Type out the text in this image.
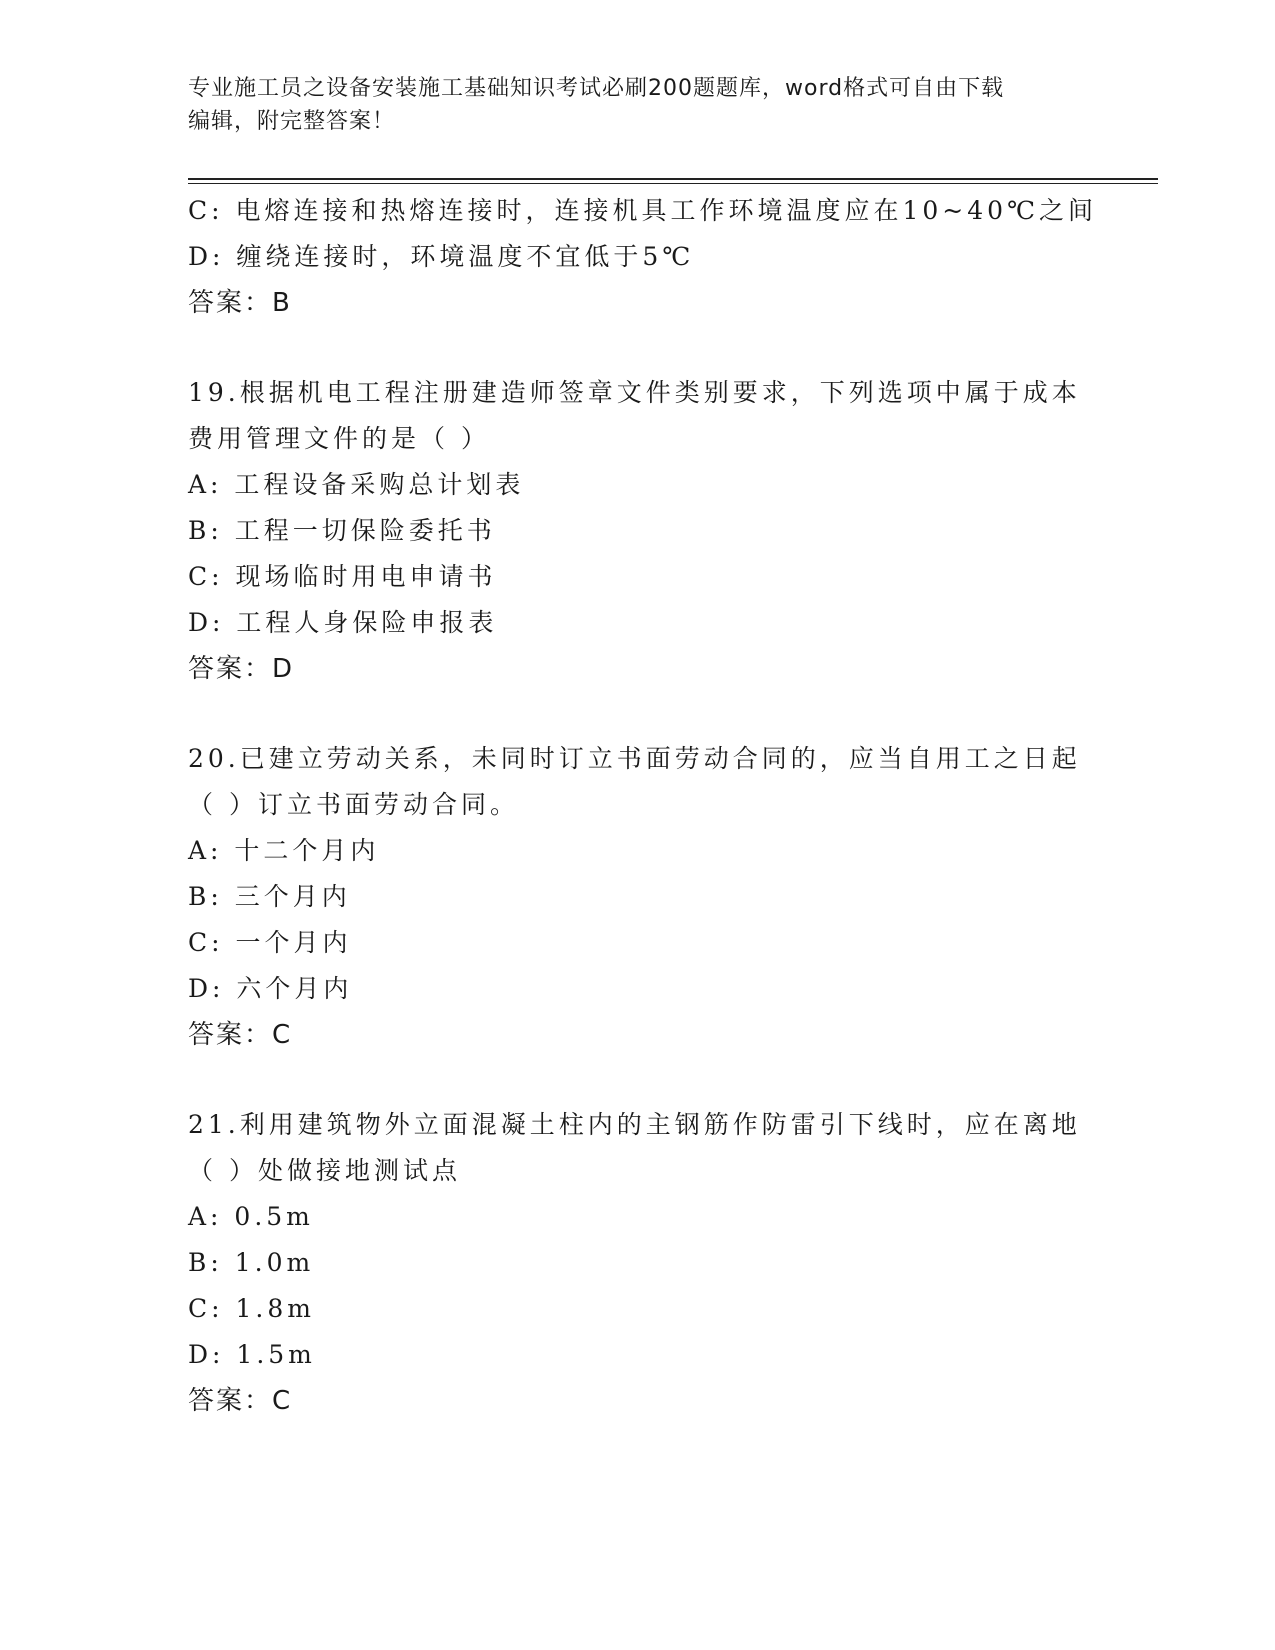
专业施工员之设备安装施工基础知识考试必刷200题题库，word格式可自由下载
编辑，附完整答案！
C: 电熔连接和热熔连接时，连接机具工作环境温度应在10~40℃之间
D: 缠绕连接时，环境温度不宜低于5℃
答案：B
19.根据机电工程注册建造师签章文件类别要求，下列选项中属于成本
费用管理文件的是（ ）
A: 工程设备采购总计划表
B: 工程一切保险委托书
C: 现场临时用电申请书
D: 工程人身保险申报表
答案：D
20.已建立劳动关系，未同时订立书面劳动合同的，应当自用工之日起
（ ）订立书面劳动合同。
A: 十二个月内
B: 三个月内
C: 一个月内
D: 六个月内
答案：C
21.利用建筑物外立面混凝土柱内的主钢筋作防雷引下线时，应在离地
（ ）处做接地测试点
A: 0.5m
B: 1.0m
C: 1.8m
D: 1.5m
答案：C
